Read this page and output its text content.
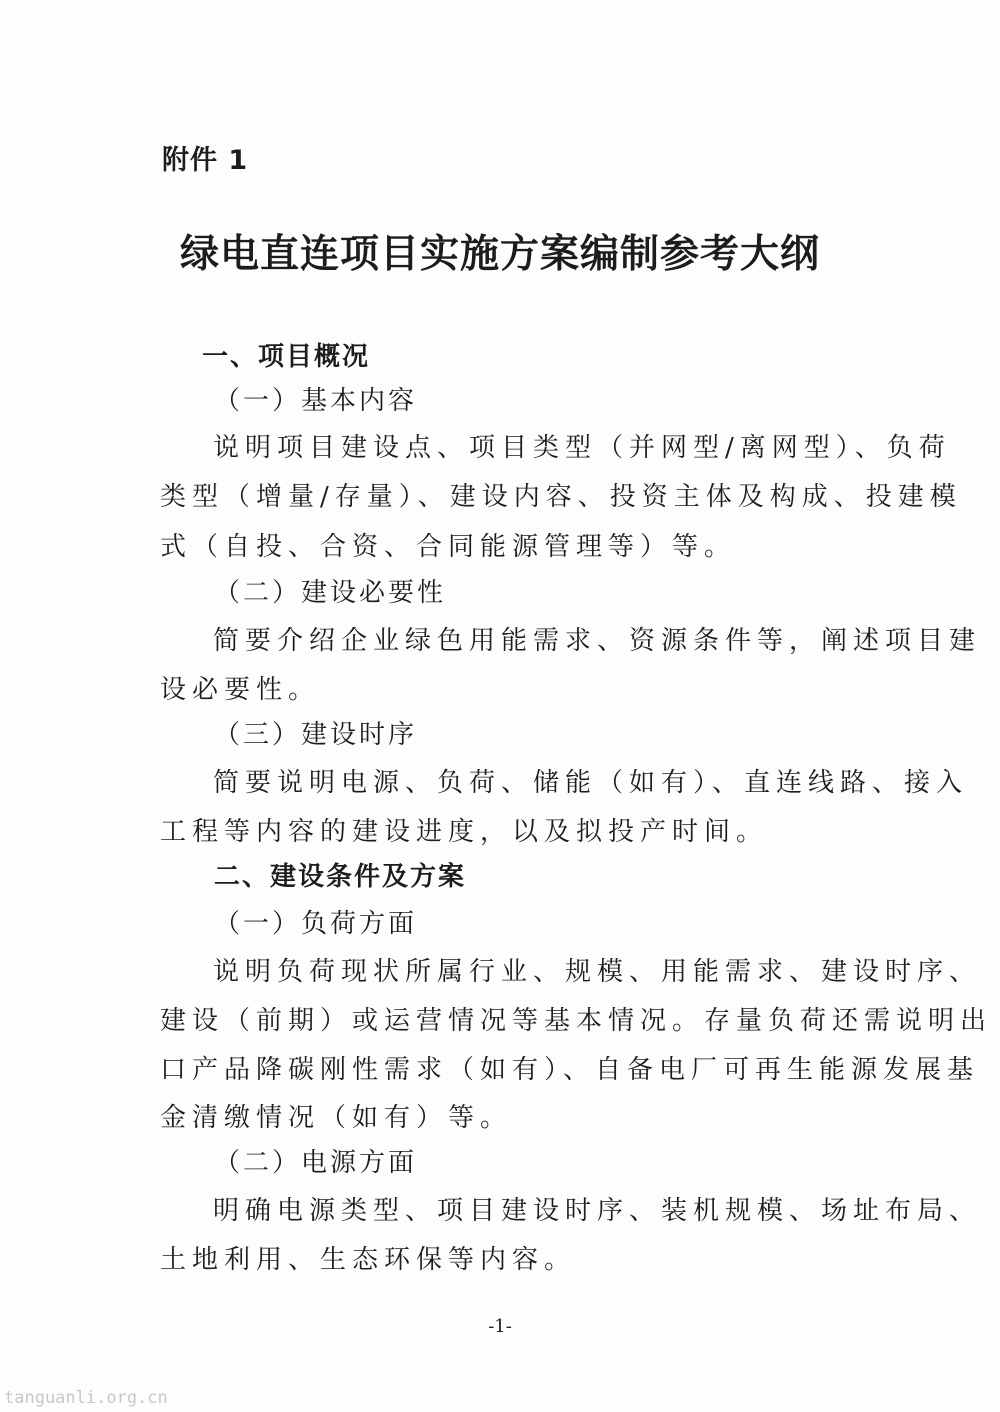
附件 1
绿电直连项目实施方案编制参考大纲
一、项目概况
（一）基本内容
说明项目建设点、项目类型（并网型/离网型）、负荷
类型（增量/存量）、建设内容、投资主体及构成、投建模
式（自投、合资、合同能源管理等）等。
（二）建设必要性
简要介绍企业绿色用能需求、资源条件等，阐述项目建
设必要性。
（三）建设时序
简要说明电源、负荷、储能（如有）、直连线路、接入
工程等内容的建设进度，以及拟投产时间。
二、建设条件及方案
（一）负荷方面
说明负荷现状所属行业、规模、用能需求、建设时序、
建设（前期）或运营情况等基本情况。存量负荷还需说明出
口产品降碳刚性需求（如有）、自备电厂可再生能源发展基
金清缴情况（如有）等。
（二）电源方面
明确电源类型、项目建设时序、装机规模、场址布局、
土地利用、生态环保等内容。
-1-
tanguanli.org.cn
